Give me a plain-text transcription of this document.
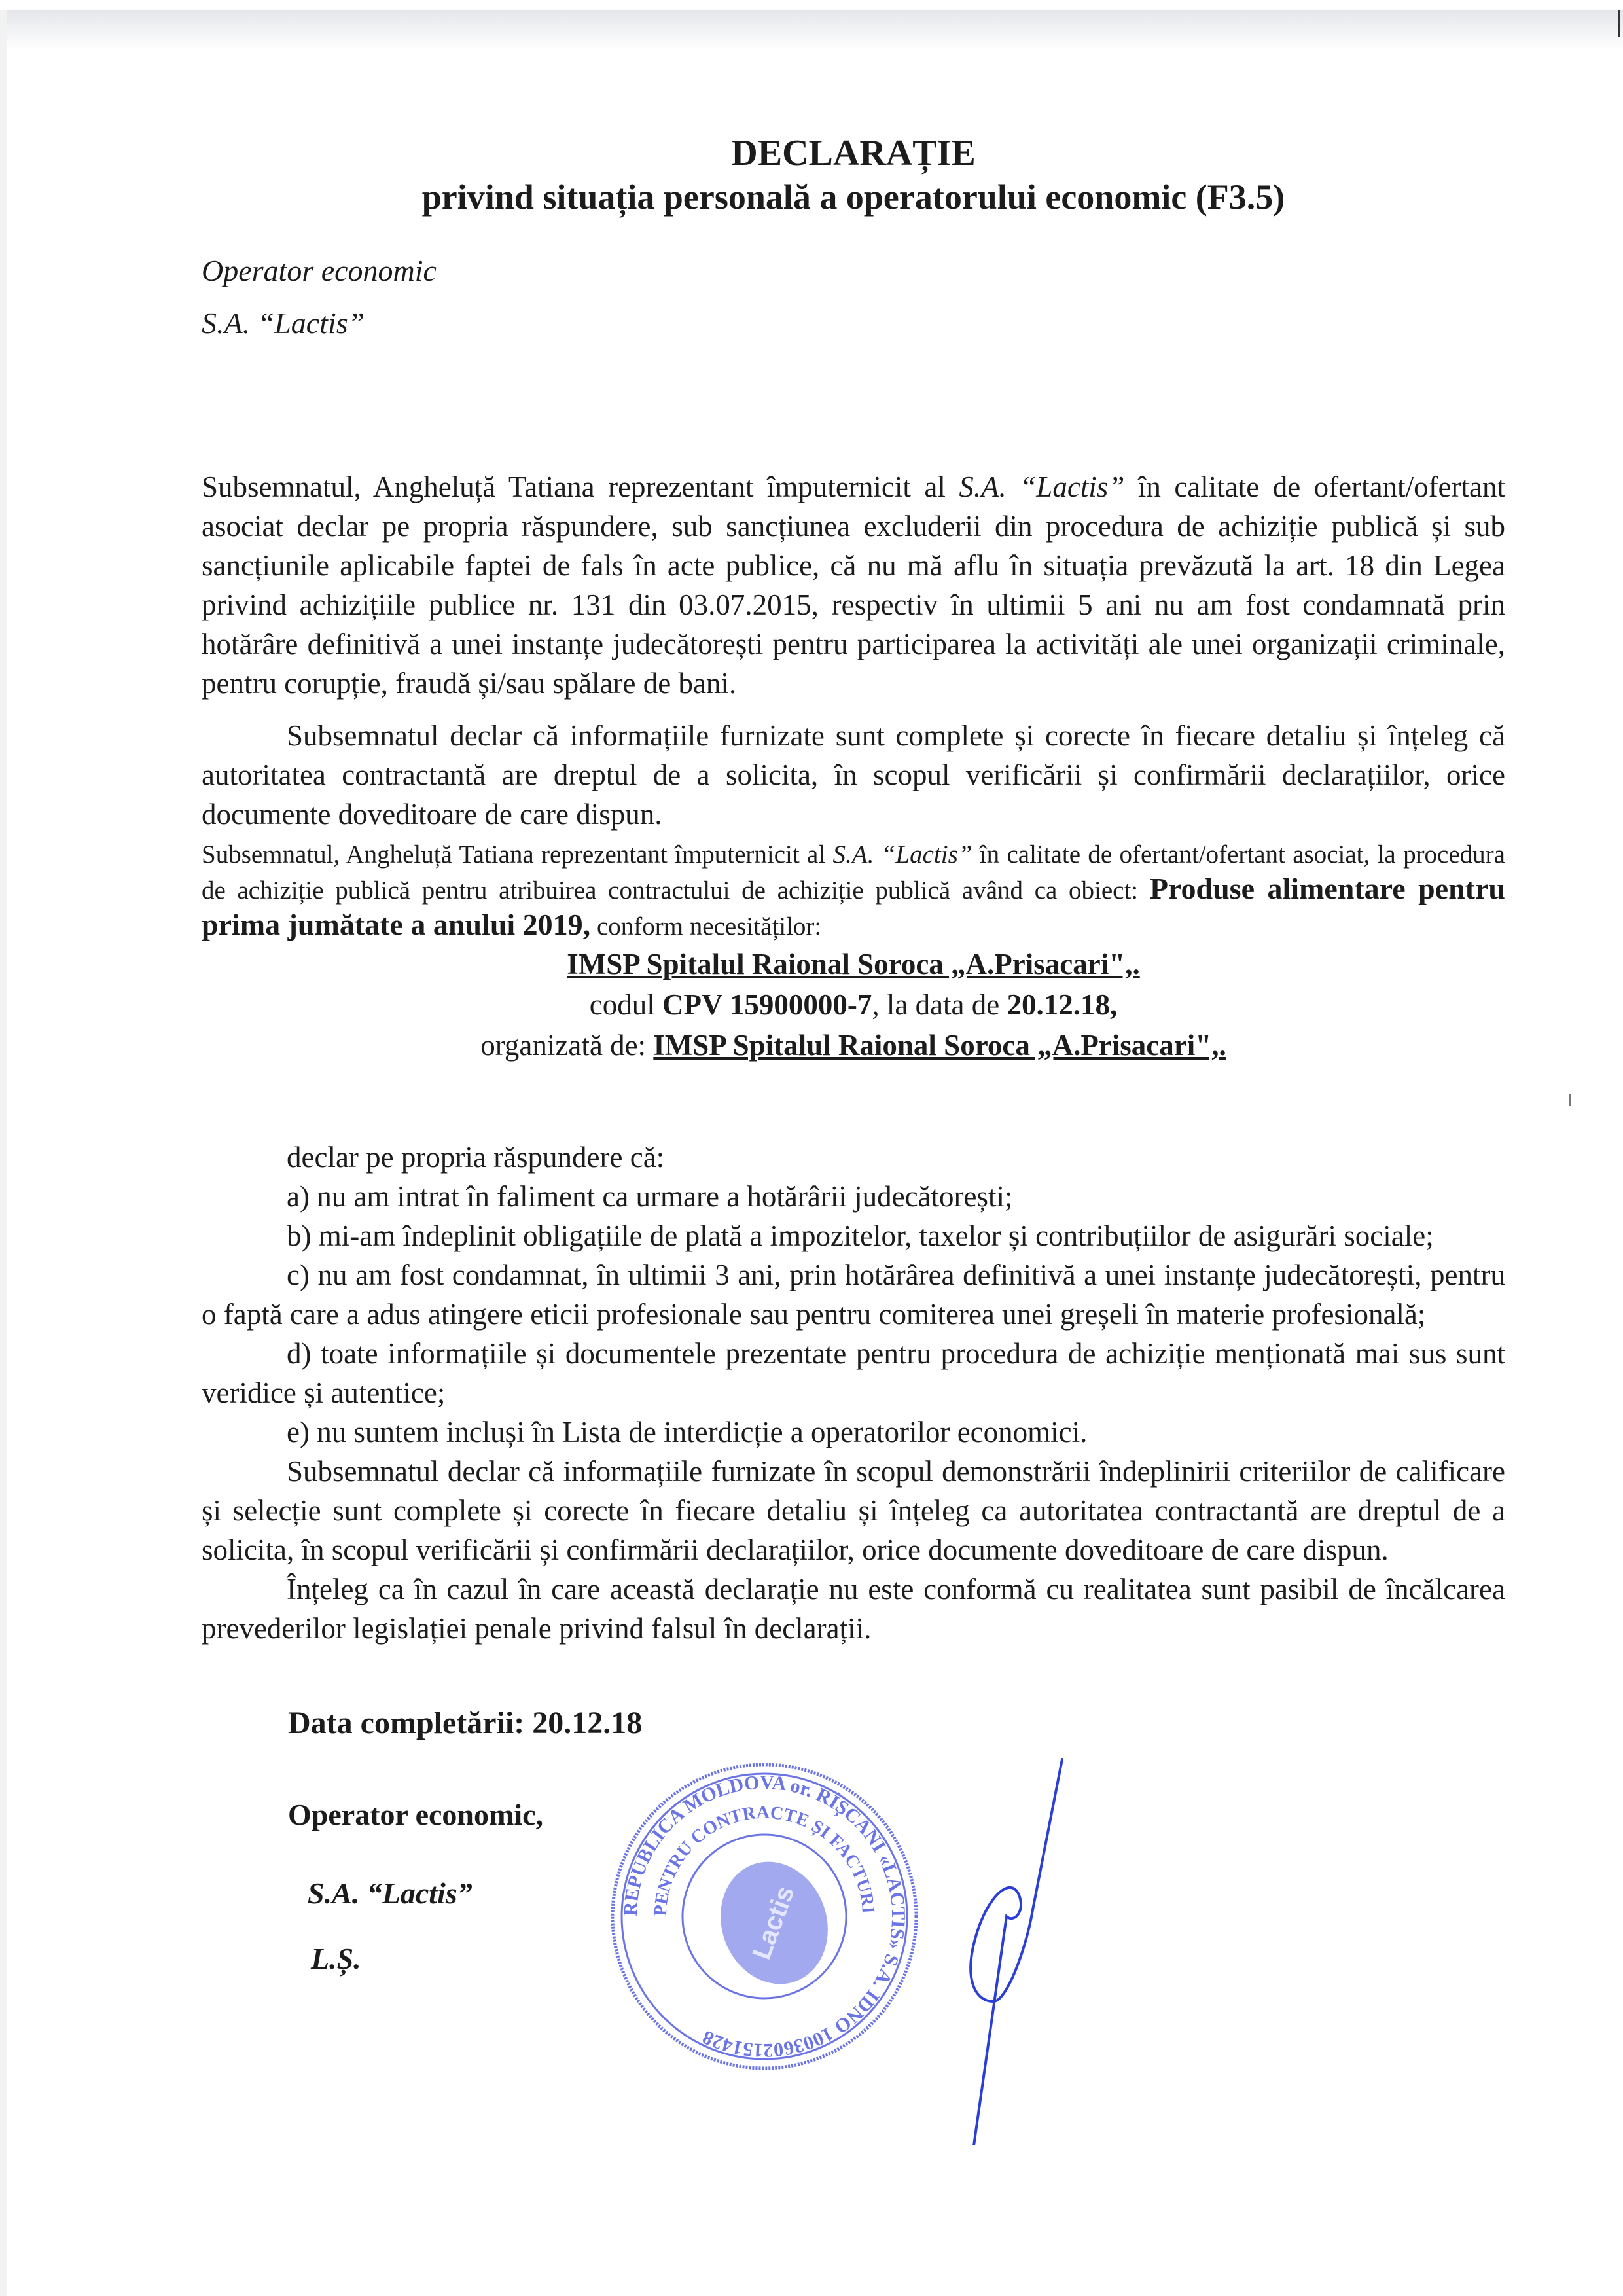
DECLARAȚIE
privind situația personală a operatorului economic (F3.5)
Operator economic
S.A. “Lactis”

Subsemnatul, Angheluță Tatiana reprezentant împuternicit al S.A. “Lactis” în calitate de ofertant/ofertant asociat declar pe propria răspundere, sub sancțiunea excluderii din procedura de achiziție publică și sub sancțiunile aplicabile faptei de fals în acte publice, că nu mă aflu în situația prevăzută la art. 18 din Legea privind achizițiile publice nr. 131 din 03.07.2015, respectiv în ultimii 5 ani nu am fost condamnată prin hotărâre definitivă a unei instanțe judecătorești pentru participarea la activități ale unei organizații criminale, pentru corupție, fraudă și/sau spălare de bani.

Subsemnatul declar că informațiile furnizate sunt complete și corecte în fiecare detaliu și înțeleg că autoritatea contractantă are dreptul de a solicita, în scopul verificării și confirmării declarațiilor, orice documente doveditoare de care dispun.

Subsemnatul, Angheluță Tatiana reprezentant împuternicit al S.A. “Lactis” în calitate de ofertant/ofertant asociat, la procedura de achiziție publică pentru atribuirea contractului de achiziție publică având ca obiect: Produse alimentare pentru prima jumătate a anului 2019, conform necesităților:

IMSP Spitalul Raional Soroca „A.Prisacari",.
codul CPV 15900000-7, la data de 20.12.18,
organizată de: IMSP Spitalul Raional Soroca „A.Prisacari",.

declar pe propria răspundere că:

a) nu am intrat în faliment ca urmare a hotărârii judecătorești;

b) mi-am îndeplinit obligațiile de plată a impozitelor, taxelor și contribuțiilor de asigurări sociale;

c) nu am fost condamnat, în ultimii 3 ani, prin hotărârea definitivă a unei instanțe judecătorești, pentru o faptă care a adus atingere eticii profesionale sau pentru comiterea unei greșeli în materie profesională;

d) toate informațiile și documentele prezentate pentru procedura de achiziție menționată mai sus sunt veridice și autentice;

e) nu suntem incluși în Lista de interdicție a operatorilor economici.

Subsemnatul declar că informațiile furnizate în scopul demonstrării îndeplinirii criteriilor de calificare și selecție sunt complete și corecte în fiecare detaliu și înțeleg ca autoritatea contractantă are dreptul de a solicita, în scopul verificării și confirmării declarațiilor, orice documente doveditoare de care dispun.

Înțeleg ca în cazul în care această declarație nu este conformă cu realitatea sunt pasibil de încălcarea prevederilor legislației penale privind falsul în declarații.

Data completării: 20.12.18
Operator economic,
S.A. “Lactis”
L.Ș.
REPUBLICA MOLDOVA or. RÎȘCANI «LACTIS» S.A. IDNO 1003602151428
PENTRU CONTRACTE ȘI FACTURI
Lactis
